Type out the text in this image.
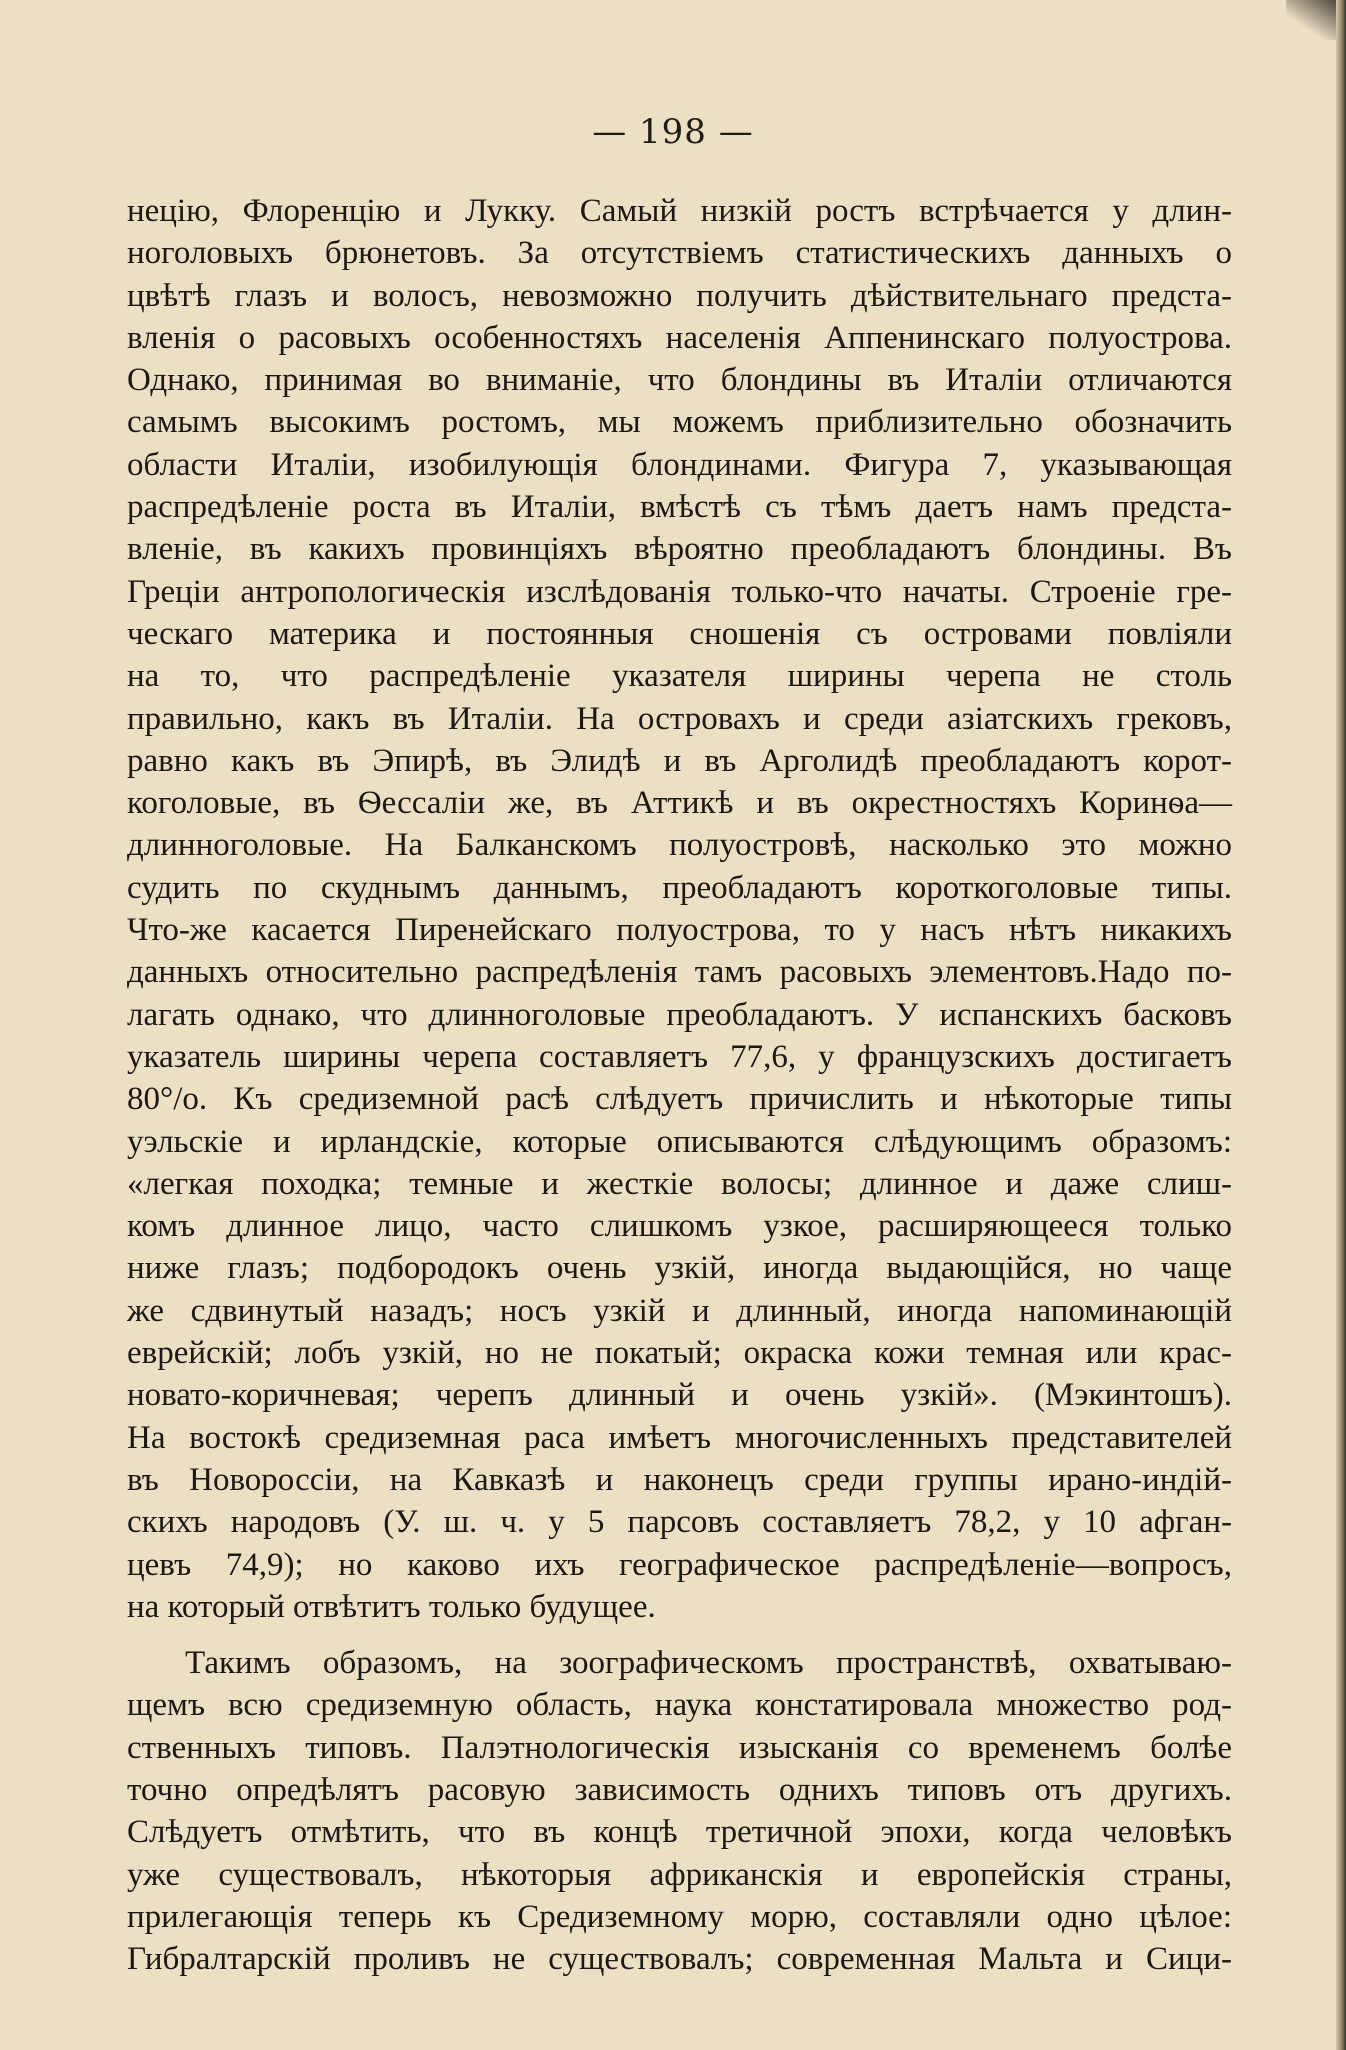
— 198 —
нецію, Флоренцію и Лукку. Самый низкій ростъ встрѣчается у длин-
ноголовыхъ брюнетовъ. За отсутствіемъ статистическихъ данныхъ о
цвѣтѣ глазъ и волосъ, невозможно получить дѣйствительнаго предста-
вленія о расовыхъ особенностяхъ населенія Аппенинскаго полуострова.
Однако, принимая во вниманіе, что блондины въ Италіи отличаются
самымъ высокимъ ростомъ, мы можемъ приблизительно обозначить
области Италіи, изобилующія блондинами. Фигура 7, указывающая
распредѣленіе роста въ Италіи, вмѣстѣ съ тѣмъ даетъ намъ предста-
вленіе, въ какихъ провинціяхъ вѣроятно преобладаютъ блондины. Въ
Греціи антропологическія изслѣдованія только-что начаты. Строеніе гре-
ческаго материка и постоянныя сношенія съ островами повліяли
на то, что распредѣленіе указателя ширины черепа не столь
правильно, какъ въ Италіи. На островахъ и среди азіатскихъ грековъ,
равно какъ въ Эпирѣ, въ Элидѣ и въ Арголидѣ преобладаютъ корот-
коголовые, въ Ѳессаліи же, въ Аттикѣ и въ окрестностяхъ Коринѳа—
длинноголовые. На Балканскомъ полуостровѣ, насколько это можно
судить по скуднымъ даннымъ, преобладаютъ короткоголовые типы.
Что-же касается Пиренейскаго полуострова, то у насъ нѣтъ никакихъ
данныхъ относительно распредѣленія тамъ расовыхъ элементовъ.Надо по-
лагать однако, что длинноголовые преобладаютъ. У испанскихъ басковъ
указатель ширины черепа составляетъ 77,6, у французскихъ достигаетъ
80°/о. Къ средиземной расѣ слѣдуетъ причислить и нѣкоторые типы
уэльскіе и ирландскіе, которые описываются слѣдующимъ образомъ:
«легкая походка; темные и жесткіе волосы; длинное и даже слиш-
комъ длинное лицо, часто слишкомъ узкое, расширяющееся только
ниже глазъ; подбородокъ очень узкій, иногда выдающійся, но чаще
же сдвинутый назадъ; носъ узкій и длинный, иногда напоминающій
еврейскій; лобъ узкій, но не покатый; окраска кожи темная или крас-
новато-коричневая; черепъ длинный и очень узкій». (Мэкинтошъ).
На востокѣ средиземная раса имѣетъ многочисленныхъ представителей
въ Новороссіи, на Кавказѣ и наконецъ среди группы ирано-индій-
скихъ народовъ (У. ш. ч. у 5 парсовъ составляетъ 78,2, у 10 афган-
цевъ 74,9); но каково ихъ географическое распредѣленіе—вопросъ,
на который отвѣтитъ только будущее.
Такимъ образомъ, на зоографическомъ пространствѣ, охватываю-
щемъ всю средиземную область, наука констатировала множество род-
ственныхъ типовъ. Палэтнологическія изысканія со временемъ болѣе
точно опредѣлятъ расовую зависимость однихъ типовъ отъ другихъ.
Слѣдуетъ отмѣтить, что въ концѣ третичной эпохи, когда человѣкъ
уже существовалъ, нѣкоторыя африканскія и европейскія страны,
прилегающія теперь къ Средиземному морю, составляли одно цѣлое:
Гибралтарскій проливъ не существовалъ; современная Мальта и Сици-
